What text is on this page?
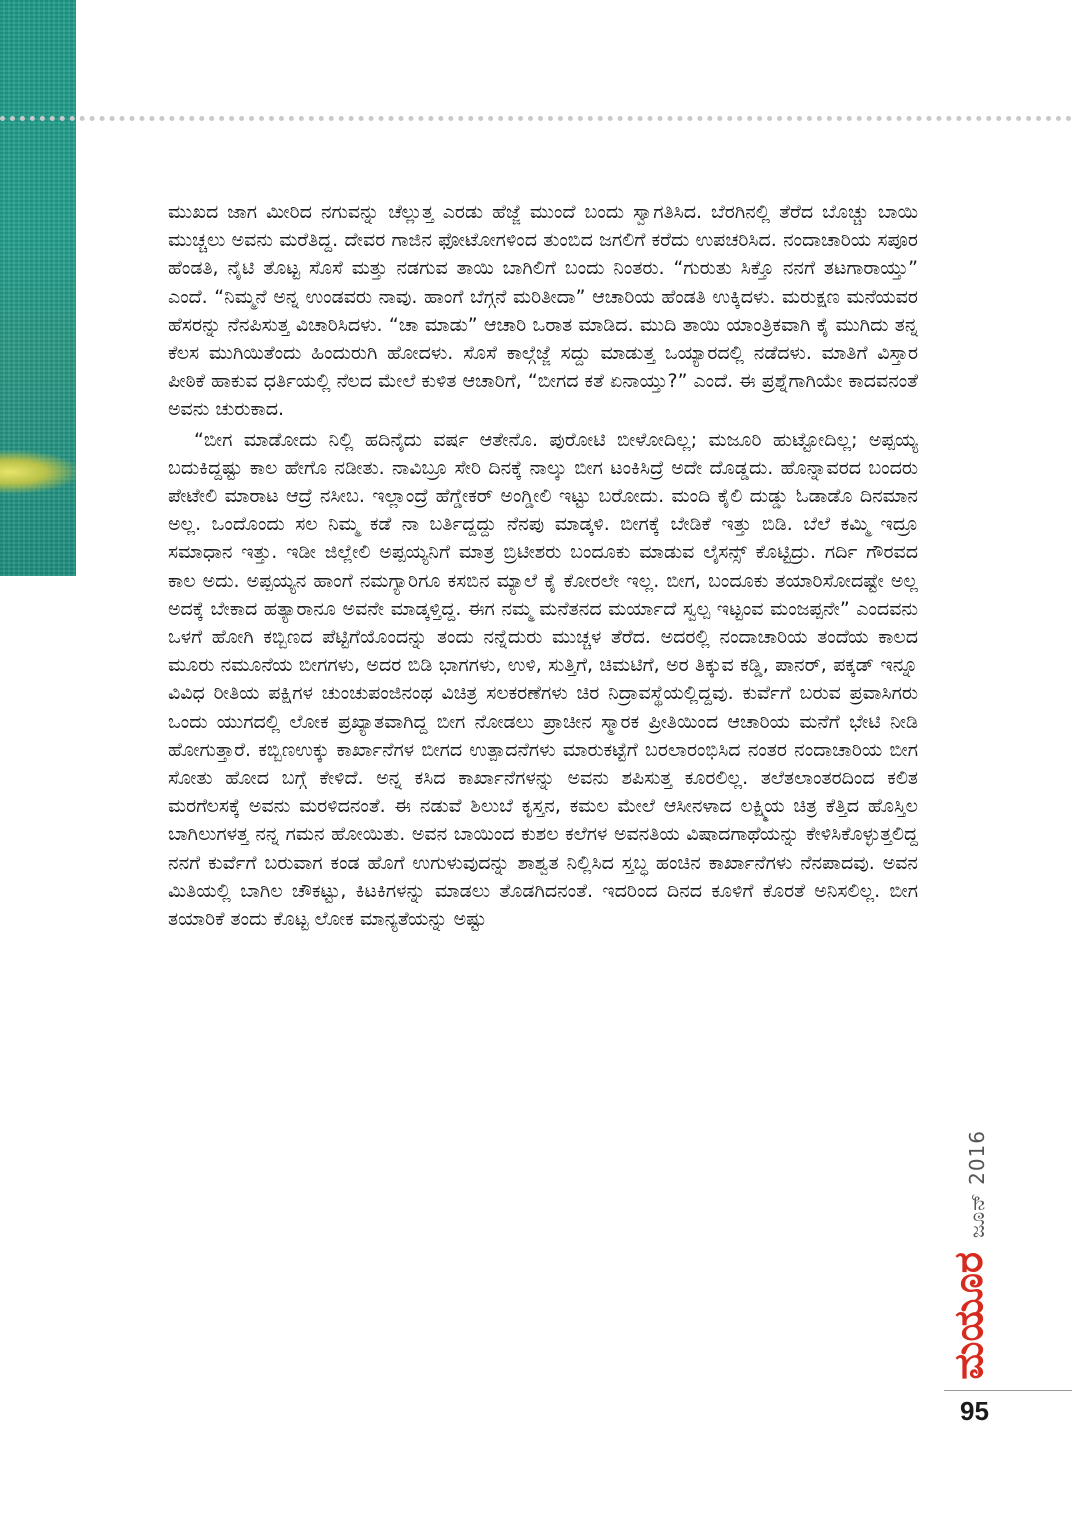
ಮುಖದ ಜಾಗ ಮೀರಿದ ನಗುವನ್ನು ಚೆಲ್ಲುತ್ತ ಎರಡು ಹೆಜ್ಜೆ ಮುಂದೆ ಬಂದು ಸ್ವಾಗತಿಸಿದ. ಬೆರಗಿನಲ್ಲಿ ತೆರೆದ ಬೊಚ್ಚು ಬಾಯಿ ಮುಚ್ಚಲು ಅವನು ಮರೆತಿದ್ದ. ದೇವರ ಗಾಜಿನ ಫೋಟೋಗಳಿಂದ ತುಂಬಿದ ಜಗಲಿಗೆ ಕರೆದು ಉಪಚರಿಸಿದ. ನಂದಾಚಾರಿಯ ಸಪೂರ ಹೆಂಡತಿ, ನೈಟಿ ತೊಟ್ಟ ಸೊಸೆ ಮತ್ತು ನಡಗುವ ತಾಯಿ ಬಾಗಿಲಿಗೆ ಬಂದು ನಿಂತರು. “ಗುರುತು ಸಿಕ್ತೊ ನನಗೆ ತಟಗಾರಾಯ್ತು” ಎಂದೆ. “ನಿಮ್ಮನೆ ಅನ್ನ ಉಂಡವರು ನಾವು. ಹಾಂಗೆ ಬೆಗ್ಗನೆ ಮರಿತೀದಾ” ಆಚಾರಿಯ ಹೆಂಡತಿ ಉಕ್ಕಿದಳು. ಮರುಕ್ಷಣ ಮನೆಯವರ ಹೆಸರನ್ನು ನೆನಪಿಸುತ್ತ ವಿಚಾರಿಸಿದಳು. “ಚಾ ಮಾಡು” ಆಚಾರಿ ಒರಾತ ಮಾಡಿದ. ಮುದಿ ತಾಯಿ ಯಾಂತ್ರಿಕವಾಗಿ ಕೈ ಮುಗಿದು ತನ್ನ ಕೆಲಸ ಮುಗಿಯಿತೆಂದು ಹಿಂದುರುಗಿ ಹೋದಳು. ಸೊಸೆ ಕಾಲ್ಗೆಜ್ಜೆ ಸದ್ದು ಮಾಡುತ್ತ ಒಯ್ಯಾರದಲ್ಲಿ ನಡೆದಳು. ಮಾತಿಗೆ ವಿಸ್ತಾರ ಪೀಠಿಕೆ ಹಾಕುವ ಧರ್ತಿಯಲ್ಲಿ ನೆಲದ ಮೇಲೆ ಕುಳಿತ ಆಚಾರಿಗೆ, “ಬೀಗದ ಕತೆ ಏನಾಯ್ತು?” ಎಂದೆ. ಈ ಪ್ರಶ್ನೆಗಾಗಿಯೇ ಕಾದವನಂತೆ ಅವನು ಚುರುಕಾದ.

“ಬೀಗ ಮಾಡೋದು ನಿಲ್ಲಿ ಹದಿನೈದು ವರ್ಷ ಆತೇನೊ. ಪುರೋಟಿ ಬೀಳೋದಿಲ್ಲ; ಮಜೂರಿ ಹುಟ್ಟೋದಿಲ್ಲ; ಅಪ್ಪಯ್ಯ ಬದುಕಿದ್ದಷ್ಟು ಕಾಲ ಹೇಗೊ ನಡೀತು. ನಾವಿಬ್ರೂ ಸೇರಿ ದಿನಕ್ಕೆ ನಾಲ್ಕು ಬೀಗ ಟಂಕಿಸಿದ್ರೆ ಅದೇ ದೊಡ್ಡದು. ಹೊನ್ನಾವರದ ಬಂದರು ಪೇಟೇಲಿ ಮಾರಾಟ ಆದ್ರೆ ನಸೀಬ. ಇಲ್ಲಾಂದ್ರೆ ಹೆಗ್ಡೇಕರ್ ಅಂಗ್ಡೀಲಿ ಇಟ್ಟು ಬರೋದು. ಮಂದಿ ಕೈಲಿ ದುಡ್ಡು ಓಡಾಡೊ ದಿನಮಾನ ಅಲ್ಲ. ಒಂದೊಂದು ಸಲ ನಿಮ್ಮ ಕಡೆ ನಾ ಬರ್ತಿದ್ದದ್ದು ನೆನಪು ಮಾಡ್ಕಳಿ. ಬೀಗಕ್ಕೆ ಬೇಡಿಕೆ ಇತ್ತು ಬಿಡಿ. ಬೆಲೆ ಕಮ್ಮಿ ಇದ್ರೂ ಸಮಾಧಾನ ಇತ್ತು. ಇಡೀ ಜಿಲ್ಲೇಲಿ ಅಪ್ಪಯ್ಯನಿಗೆ ಮಾತ್ರ ಬ್ರಿಟೀಶರು ಬಂದೂಕು ಮಾಡುವ ಲೈಸನ್ಸ್ ಕೊಟ್ಟಿದ್ರು. ಗರ್ದಿ ಗೌರವದ ಕಾಲ ಅದು. ಅಪ್ಪಯ್ಯನ ಹಾಂಗೆ ನಮಗ್ಯಾರಿಗೂ ಕಸಬಿನ ಮ್ಯಾಲೆ ಕೈ ಕೋರಲೇ ಇಲ್ಲ. ಬೀಗ, ಬಂದೂಕು ತಯಾರಿಸೋದಷ್ಟೇ ಅಲ್ಲ ಅದಕ್ಕೆ ಬೇಕಾದ ಹತ್ಯಾರಾನೂ ಅವನೇ ಮಾಡ್ಕಳ್ತಿದ್ದ. ಈಗ ನಮ್ಮ ಮನೆತನದ ಮರ್ಯಾದೆ ಸ್ವಲ್ಪ ಇಟ್ಟಂವ ಮಂಜಪ್ಪನೇ” ಎಂದವನು ಒಳಗೆ ಹೋಗಿ ಕಬ್ಬಿಣದ ಪೆಟ್ಟಿಗೆಯೊಂದನ್ನು ತಂದು ನನ್ನೆದುರು ಮುಚ್ಚಳ ತೆರೆದ. ಅದರಲ್ಲಿ ನಂದಾಚಾರಿಯ ತಂದೆಯ ಕಾಲದ ಮೂರು ನಮೂನೆಯ ಬೀಗಗಳು, ಅದರ ಬಿಡಿ ಭಾಗಗಳು, ಉಳಿ, ಸುತ್ತಿಗೆ, ಚಿಮಟಿಗೆ, ಅರ ತಿಕ್ಕುವ ಕಡ್ಡಿ, ಪಾನರ್, ಪಕ್ಕಡ್ ಇನ್ನೂ ವಿವಿಧ ರೀತಿಯ ಪಕ್ಷಿಗಳ ಚುಂಚುಪಂಜಿನಂಥ ವಿಚಿತ್ರ ಸಲಕರಣೆಗಳು ಚಿರ ನಿದ್ರಾವಸ್ಥೆಯಲ್ಲಿದ್ದವು. ಕುರ್ವೆಗೆ ಬರುವ ಪ್ರವಾಸಿಗರು ಒಂದು ಯುಗದಲ್ಲಿ ಲೋಕ ಪ್ರಖ್ಯಾತವಾಗಿದ್ದ ಬೀಗ ನೋಡಲು ಪ್ರಾಚೀನ ಸ್ಮಾರಕ ಪ್ರೀತಿಯಿಂದ ಆಚಾರಿಯ ಮನೆಗೆ ಭೇಟಿ ನೀಡಿ ಹೋಗುತ್ತಾರೆ. ಕಬ್ಬಿಣಉಕ್ಕು ಕಾರ್ಖಾನೆಗಳ ಬೀಗದ ಉತ್ಪಾದನೆಗಳು ಮಾರುಕಟ್ಟೆಗೆ ಬರಲಾರಂಭಿಸಿದ ನಂತರ ನಂದಾಚಾರಿಯ ಬೀಗ ಸೋತು ಹೋದ ಬಗ್ಗೆ ಕೇಳಿದೆ. ಅನ್ನ ಕಸಿದ ಕಾರ್ಖಾನೆಗಳನ್ನು ಅವನು ಶಪಿಸುತ್ತ ಕೂರಲಿಲ್ಲ. ತಲೆತಲಾಂತರದಿಂದ ಕಲಿತ ಮರಗೆಲಸಕ್ಕೆ ಅವನು ಮರಳಿದನಂತೆ. ಈ ನಡುವೆ ಶಿಲುಬೆ ಕೃಸ್ತನ, ಕಮಲ ಮೇಲೆ ಆಸೀನಳಾದ ಲಕ್ಷ್ಮಿಯ ಚಿತ್ರ ಕೆತ್ತಿದ ಹೊಸ್ತಿಲ ಬಾಗಿಲುಗಳತ್ತ ನನ್ನ ಗಮನ ಹೋಯಿತು. ಅವನ ಬಾಯಿಂದ ಕುಶಲ ಕಲೆಗಳ ಅವನತಿಯ ವಿಷಾದಗಾಥೆಯನ್ನು ಕೇಳಿಸಿಕೊಳ್ಳುತ್ತಲಿದ್ದ ನನಗೆ ಕುರ್ವೆಗೆ ಬರುವಾಗ ಕಂಡ ಹೊಗೆ ಉಗುಳುವುದನ್ನು ಶಾಶ್ವತ ನಿಲ್ಲಿಸಿದ ಸ್ತಬ್ಧ ಹಂಚಿನ ಕಾರ್ಖಾನೆಗಳು ನೆನಪಾದವು. ಅವನ ಮಿತಿಯಲ್ಲಿ ಬಾಗಿಲ ಚೌಕಟ್ಟು, ಕಿಟಕಿಗಳನ್ನು ಮಾಡಲು ತೊಡಗಿದನಂತೆ. ಇದರಿಂದ ದಿನದ ಕೂಳಿಗೆ ಕೊರತೆ ಅನಿಸಲಿಲ್ಲ. ಬೀಗ ತಯಾರಿಕೆ ತಂದು ಕೊಟ್ಟ ಲೋಕ ಮಾನ್ಯತೆಯನ್ನು ಅಷ್ಟು

ಜೂನ್ 2016
ಮಯೂರ
95
